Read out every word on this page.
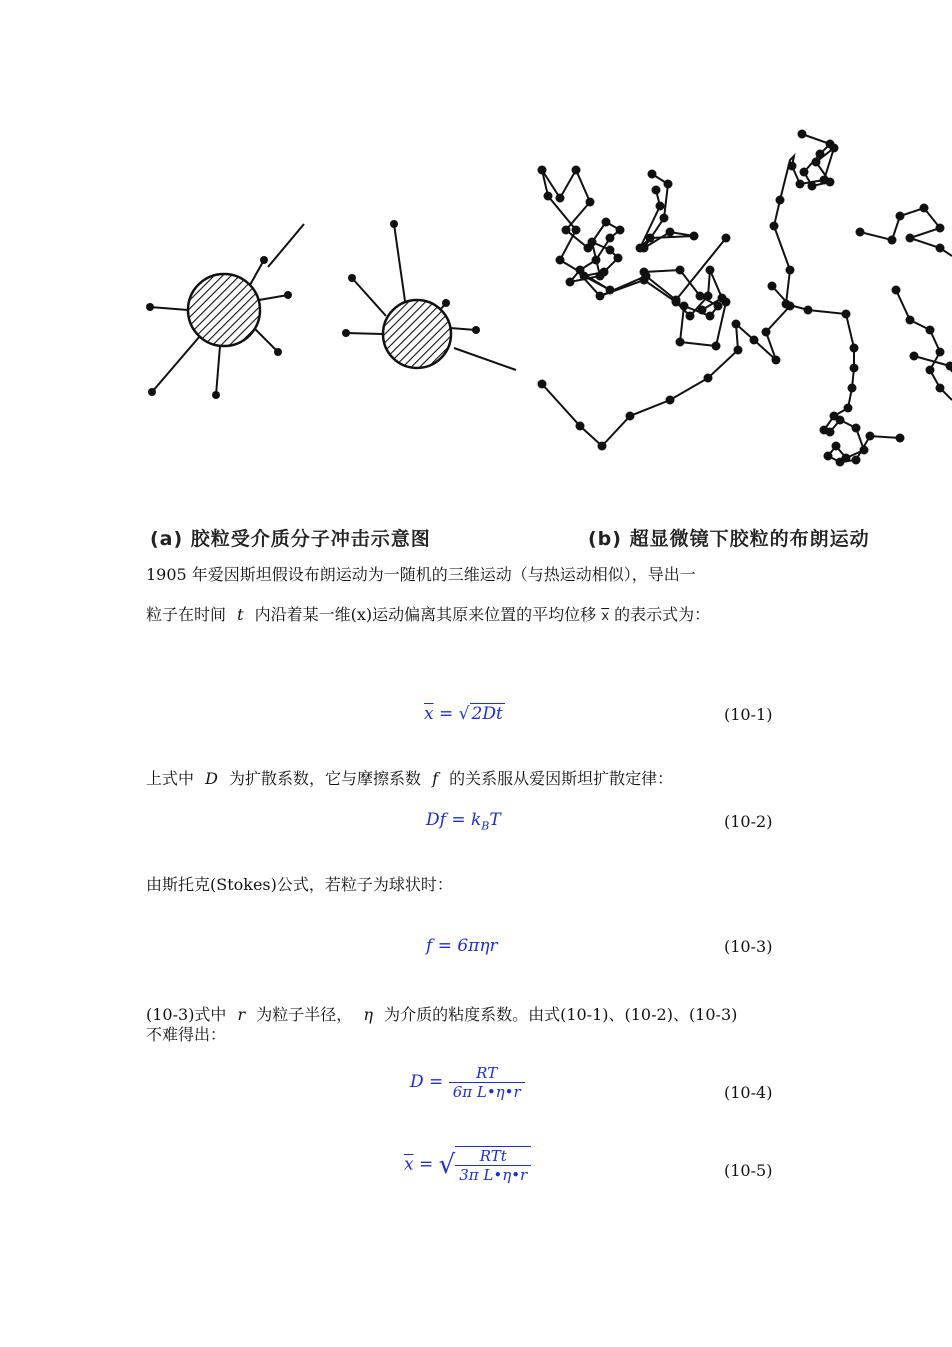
(a) 胶粒受介质分子冲击示意图	(b) 超显微镜下胶粒的布朗运动
1905 年爱因斯坦假设布朗运动为一随机的三维运动（与热运动相似），导出一
粒子在时间 t 内沿着某一维(x)运动偏离其原来位置的平均位移 $\overline{x}$ 的表示式为：
$\overline{x}$ = √ 2Dt	(10-1)
上式中 D 为扩散系数，它与摩擦系数 f 的关系服从爱因斯坦扩散定律：
$Df = k_BT$	(10-2)
由斯托克(Stokes)公式，若粒子为球状时：
f = 6πηr	(10-3)
(10-3)式中 r 为粒子半径， η 为介质的粘度系数。由式(10-1)、(10-2)、(10-3)
不难得出：
$D = \frac{RT}{\text{6π L•η•r}}$	(10-4)
$\overline{x}$ = √ $\frac{\text{RTt}}{\text{3π L•η•r}}$	(10-5)
